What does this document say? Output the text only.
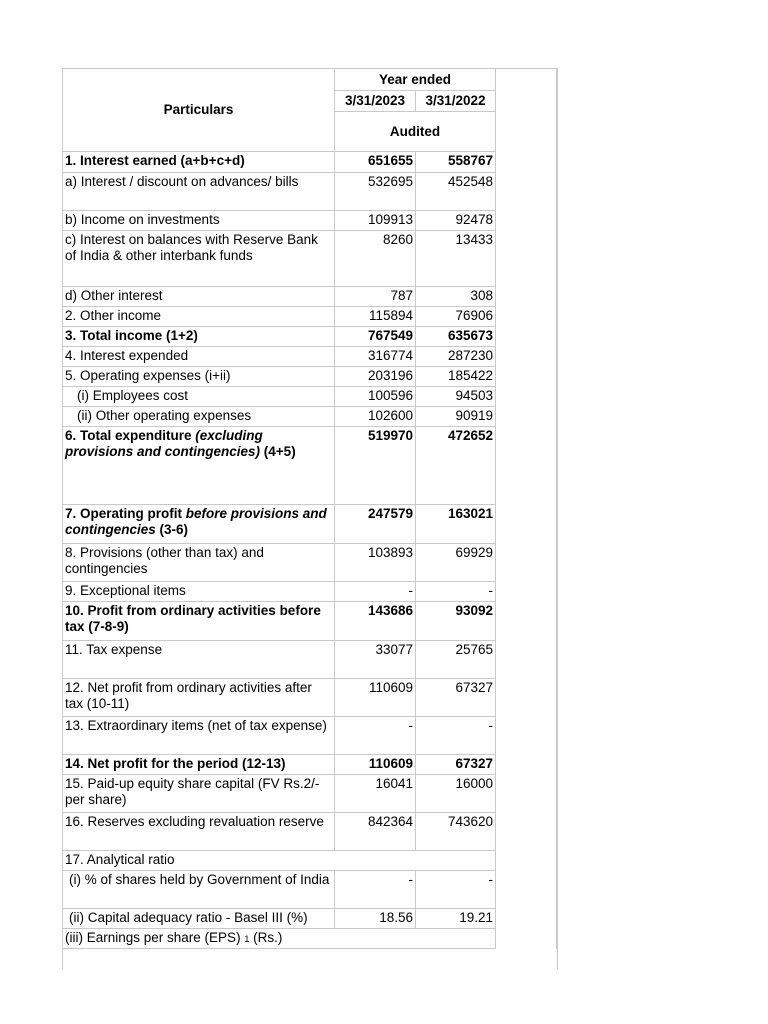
Particulars	Year ended		
	3/31/2023	3/31/2022	
	Audited		
1. Interest earned (a+b+c+d)	651655	558767	
a) Interest / discount on advances/ bills	532695	452548	
b) Income on investments	109913	92478	
c) Interest on balances with Reserve Bank of India & other interbank funds	8260	13433	
d) Other interest	787	308	
2. Other income	115894	76906	
3. Total income (1+2)	767549	635673	
4. Interest expended	316774	287230	
5. Operating expenses (i+ii)	203196	185422	
(i) Employees cost	100596	94503	
(ii) Other operating expenses	102600	90919	
6. Total expenditure (excluding provisions and contingencies) (4+5)	519970	472652	
7. Operating profit before provisions and contingencies (3-6)	247579	163021	
8. Provisions (other than tax) and contingencies	103893	69929	
9. Exceptional items	-	-	
10. Profit from ordinary activities before tax (7-8-9)	143686	93092	
11. Tax expense	33077	25765	
12. Net profit from ordinary activities after tax (10-11)	110609	67327	
13. Extraordinary items (net of tax expense)	-	-	
14. Net profit for the period (12-13)	110609	67327	
15. Paid-up equity share capital (FV Rs.2/- per share)	16041	16000	
16. Reserves excluding revaluation reserve	842364	743620	
17. Analytical ratio			
(i) % of shares held by Government of India	-	-	
(ii) Capital adequacy ratio - Basel III (%)	18.56	19.21	
(iii) Earnings per share (EPS) 1 (Rs.)			
